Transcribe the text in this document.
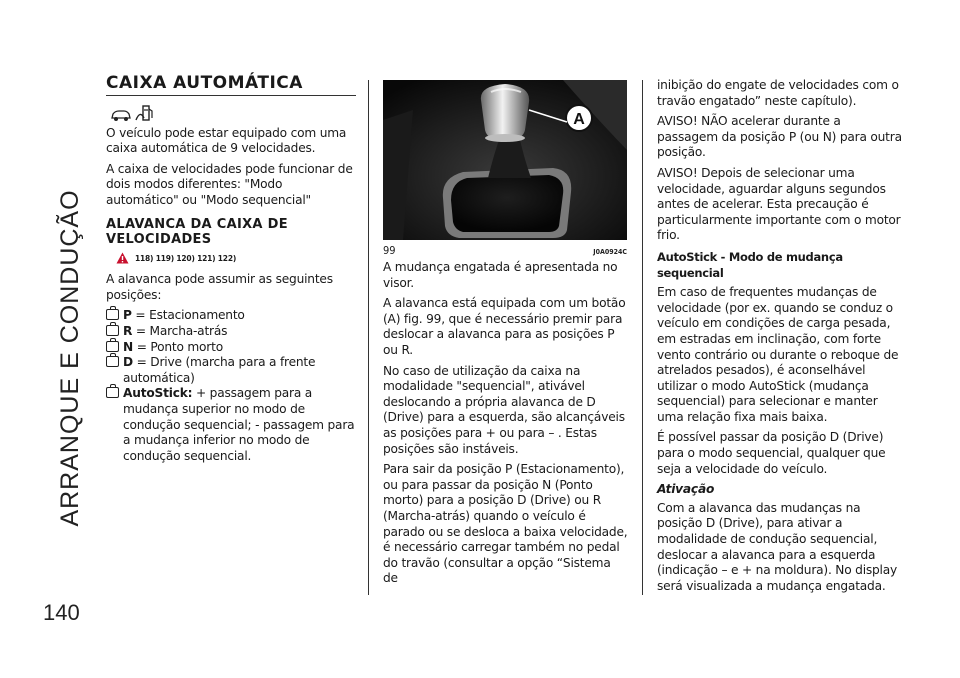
ARRANQUE E CONDUÇÃO
140
CAIXA AUTOMÁTICA

O veículo pode estar equipado com uma caixa automática de 9 velocidades.

A caixa de velocidades pode funcionar de dois modos diferentes: "Modo automático" ou "Modo sequencial"

ALAVANCA DA CAIXA DE VELOCIDADES
118) 119) 120) 121) 122)

A alavanca pode assumir as seguintes posições:

P = Estacionamento
R = Marcha-atrás
N = Ponto morto
D = Drive (marcha para a frente automática)
AutoStick: + passagem para a mudança superior no modo de condução sequencial; - passagem para a mudança inferior no modo de condução sequencial.
A
99	J0A0924C

A mudança engatada é apresentada no visor.

A alavanca está equipada com um botão (A) fig. 99, que é necessário premir para deslocar a alavanca para as posições P ou R.

No caso de utilização da caixa na modalidade "sequencial", ativável deslocando a própria alavanca de D (Drive) para a esquerda, são alcançáveis as posições para + ou para – . Estas posições são instáveis.

Para sair da posição P (Estacionamento), ou para passar da posição N (Ponto morto) para a posição D (Drive) ou R (Marcha-atrás) quando o veículo é parado ou se desloca a baixa velocidade, é necessário carregar também no pedal do travão (consultar a opção “Sistema de

inibição do engate de velocidades com o travão engatado” neste capítulo).

AVISO! NÃO acelerar durante a passagem da posição P (ou N) para outra posição.

AVISO! Depois de selecionar uma velocidade, aguardar alguns segundos antes de acelerar. Esta precaução é particularmente importante com o motor frio.

AutoStick - Modo de mudança sequencial

Em caso de frequentes mudanças de velocidade (por ex. quando se conduz o veículo em condições de carga pesada, em estradas em inclinação, com forte vento contrário ou durante o reboque de atrelados pesados), é aconselhável utilizar o modo AutoStick (mudança sequencial) para selecionar e manter uma relação fixa mais baixa.

É possível passar da posição D (Drive) para o modo sequencial, qualquer que seja a velocidade do veículo.

Ativação

Com a alavanca das mudanças na posição D (Drive), para ativar a modalidade de condução sequencial, deslocar a alavanca para a esquerda (indicação – e + na moldura). No display será visualizada a mudança engatada.
